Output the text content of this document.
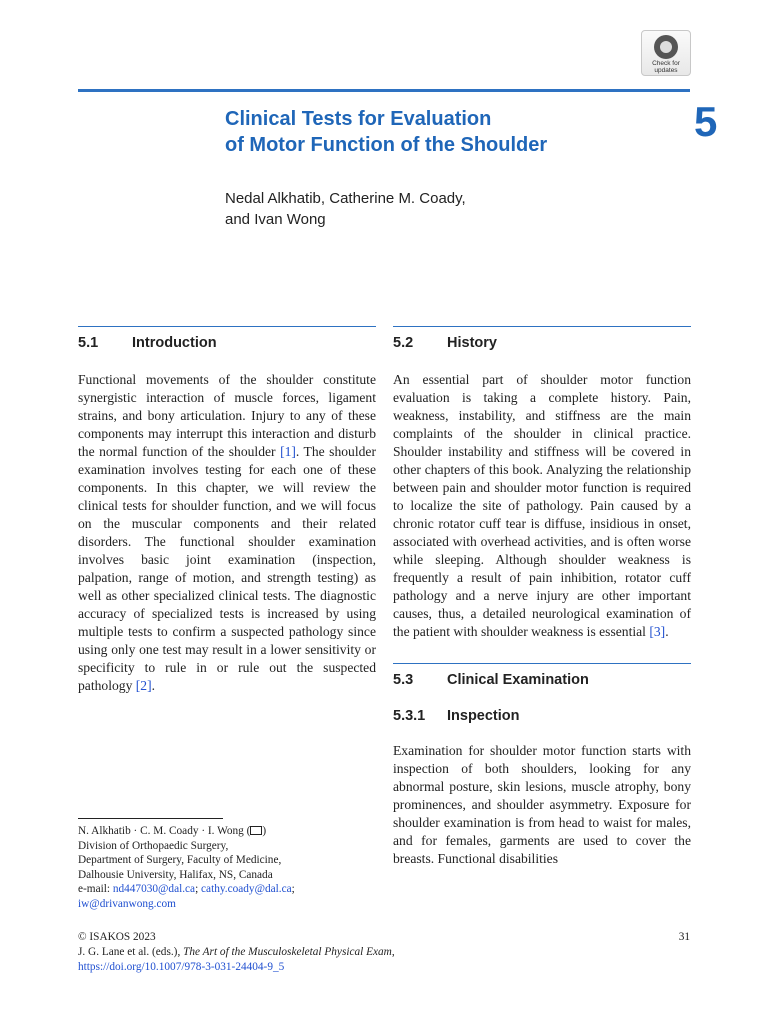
Check for
updates
5
Clinical Tests for Evaluation
of Motor Function of the Shoulder
Nedal Alkhatib, Catherine M. Coady,
and Ivan Wong
5.1 Introduction

Functional movements of the shoulder constitute synergistic interaction of muscle forces, ligament strains, and bony articulation. Injury to any of these components may interrupt this interaction and disturb the normal function of the shoulder [1]. The shoulder examination involves testing for each one of these components. In this chapter, we will review the clinical tests for shoulder function, and we will focus on the muscular components and their related disorders. The functional shoulder examination involves basic joint examination (inspection, palpation, range of motion, and strength testing) as well as other specialized clinical tests. The diagnostic accuracy of specialized tests is increased by using multiple tests to confirm a suspected pathology since using only one test may result in a lower sensitivity or specificity to rule in or rule out the suspected pathology [2].

5.2 History

An essential part of shoulder motor function evaluation is taking a complete history. Pain, weakness, instability, and stiffness are the main complaints of the shoulder in clinical practice. Shoulder instability and stiffness will be covered in other chapters of this book. Analyzing the relationship between pain and shoulder motor function is required to localize the site of pathology. Pain caused by a chronic rotator cuff tear is diffuse, insidious in onset, associated with overhead activities, and is often worse while sleeping. Although shoulder weakness is frequently a result of pain inhibition, rotator cuff pathology and a nerve injury are other important causes, thus, a detailed neurological examination of the patient with shoulder weakness is essential [3].

5.3 Clinical Examination
5.3.1 Inspection

Examination for shoulder motor function starts with inspection of both shoulders, looking for any abnormal posture, skin lesions, muscle atrophy, bony prominences, and shoulder asymmetry. Exposure for shoulder examination is from head to waist for males, and for females, garments are used to cover the breasts. Functional disabilities

N. Alkhatib · C. M. Coady · I. Wong ( )
Division of Orthopaedic Surgery,
Department of Surgery, Faculty of Medicine,
Dalhousie University, Halifax, NS, Canada
e-mail: nd447030@dal.ca; cathy.coady@dal.ca;
iw@drivanwong.com
© ISAKOS 2023
J. G. Lane et al. (eds.), The Art of the Musculoskeletal Physical Exam,
https://doi.org/10.1007/978-3-031-24404-9_5
31
